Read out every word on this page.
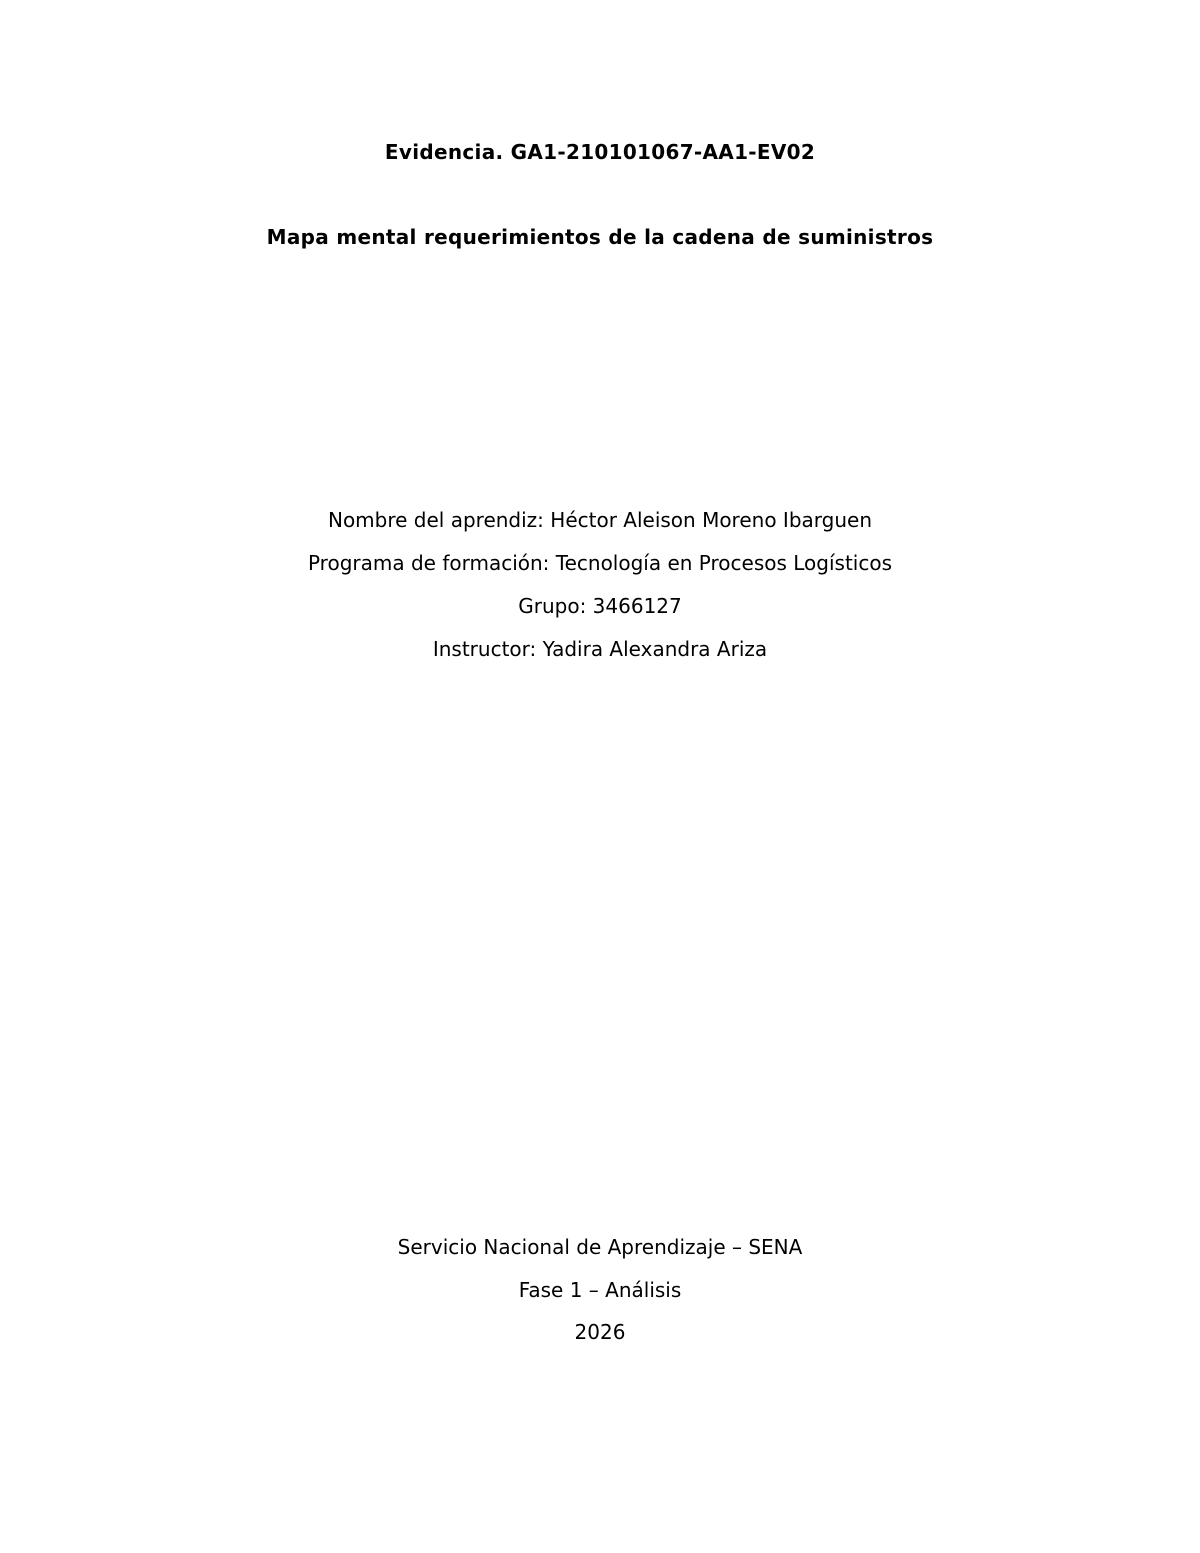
Evidencia. GA1-210101067-AA1-EV02
Mapa mental requerimientos de la cadena de suministros
Nombre del aprendiz: Héctor Aleison Moreno Ibarguen
Programa de formación: Tecnología en Procesos Logísticos
Grupo: 3466127
Instructor: Yadira Alexandra Ariza
Servicio Nacional de Aprendizaje – SENA
Fase 1 – Análisis
2026
